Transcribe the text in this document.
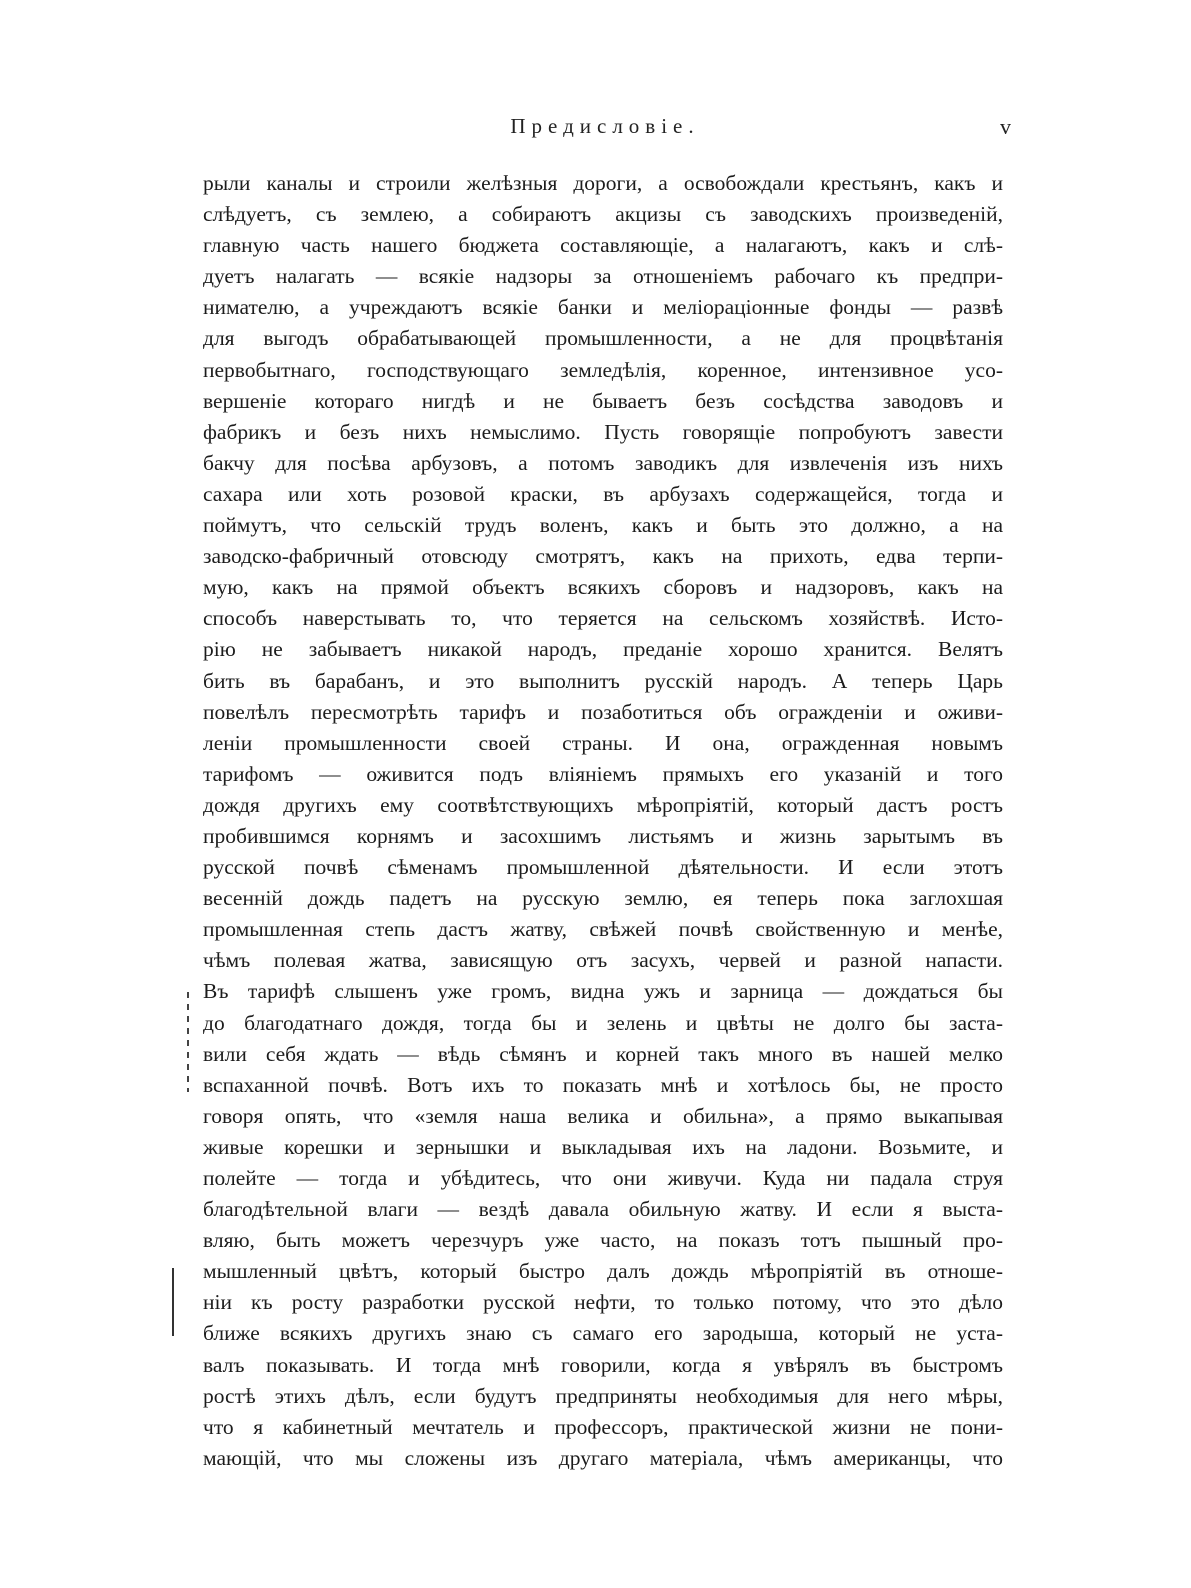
Предисловіе.	v
рыли каналы и строили желѣзныя дороги, а освобождали крестьянъ, какъ и
слѣдуетъ, съ землею, а собираютъ акцизы съ заводскихъ произведеній,
главную часть нашего бюджета составляющіе, а налагаютъ, какъ и слѣ-
дуетъ налагать — всякіе надзоры за отношеніемъ рабочаго къ предпри-
нимателю, а учреждаютъ всякіе банки и меліораціонные фонды — развѣ
для выгодъ обрабатывающей промышленности, а не для процвѣтанія
первобытнаго, господствующаго земледѣлія, коренное, интензивное усо-
вершеніе котораго нигдѣ и не бываетъ безъ сосѣдства заводовъ и
фабрикъ и безъ нихъ немыслимо. Пусть говорящіе попробуютъ завести
бакчу для посѣва арбузовъ, а потомъ заводикъ для извлеченія изъ нихъ
сахара или хоть розовой краски, въ арбузахъ содержащейся, тогда и
поймутъ, что сельскій трудъ воленъ, какъ и быть это должно, а на
заводско-фабричный отовсюду смотрятъ, какъ на прихоть, едва терпи-
мую, какъ на прямой объектъ всякихъ сборовъ и надзоровъ, какъ на
способъ наверстывать то, что теряется на сельскомъ хозяйствѣ. Исто-
рію не забываетъ никакой народъ, преданіе хорошо хранится. Велятъ
бить въ барабанъ, и это выполнитъ русскій народъ. А теперь Царь
повелѣлъ пересмотрѣть тарифъ и позаботиться объ огражденіи и оживи-
леніи промышленности своей страны. И она, огражденная новымъ
тарифомъ — оживится подъ вліяніемъ прямыхъ его указаній и того
дождя другихъ ему соотвѣтствующихъ мѣропріятій, который дастъ ростъ
пробившимся корнямъ и засохшимъ листьямъ и жизнь зарытымъ въ
русской почвѣ сѣменамъ промышленной дѣятельности. И если этотъ
весенній дождь падетъ на русскую землю, ея теперь пока заглохшая
промышленная степь дастъ жатву, свѣжей почвѣ свойственную и менѣе,
чѣмъ полевая жатва, зависящую отъ засухъ, червей и разной напасти.
Въ тарифѣ слышенъ уже громъ, видна ужъ и зарница — дождаться бы
до благодатнаго дождя, тогда бы и зелень и цвѣты не долго бы заста-
вили себя ждать — вѣдь сѣмянъ и корней такъ много въ нашей мелко
вспаханной почвѣ. Вотъ ихъ то показать мнѣ и хотѣлось бы, не просто
говоря опять, что «земля наша велика и обильна», а прямо выкапывая
живые корешки и зернышки и выкладывая ихъ на ладони. Возьмите, и
полейте — тогда и убѣдитесь, что они живучи. Куда ни падала струя
благодѣтельной влаги — вездѣ давала обильную жатву. И если я выста-
вляю, быть можетъ черезчуръ уже часто, на показъ тотъ пышный про-
мышленный цвѣтъ, который быстро далъ дождь мѣропріятій въ отноше-
ніи къ росту разработки русской нефти, то только потому, что это дѣло
ближе всякихъ другихъ знаю съ самаго его зародыша, который не уста-
валъ показывать. И тогда мнѣ говорили, когда я увѣрялъ въ быстромъ
ростѣ этихъ дѣлъ, если будутъ предприняты необходимыя для него мѣры,
что я кабинетный мечтатель и профессоръ, практической жизни не пони-
мающій, что мы сложены изъ другаго матеріала, чѣмъ американцы, что
